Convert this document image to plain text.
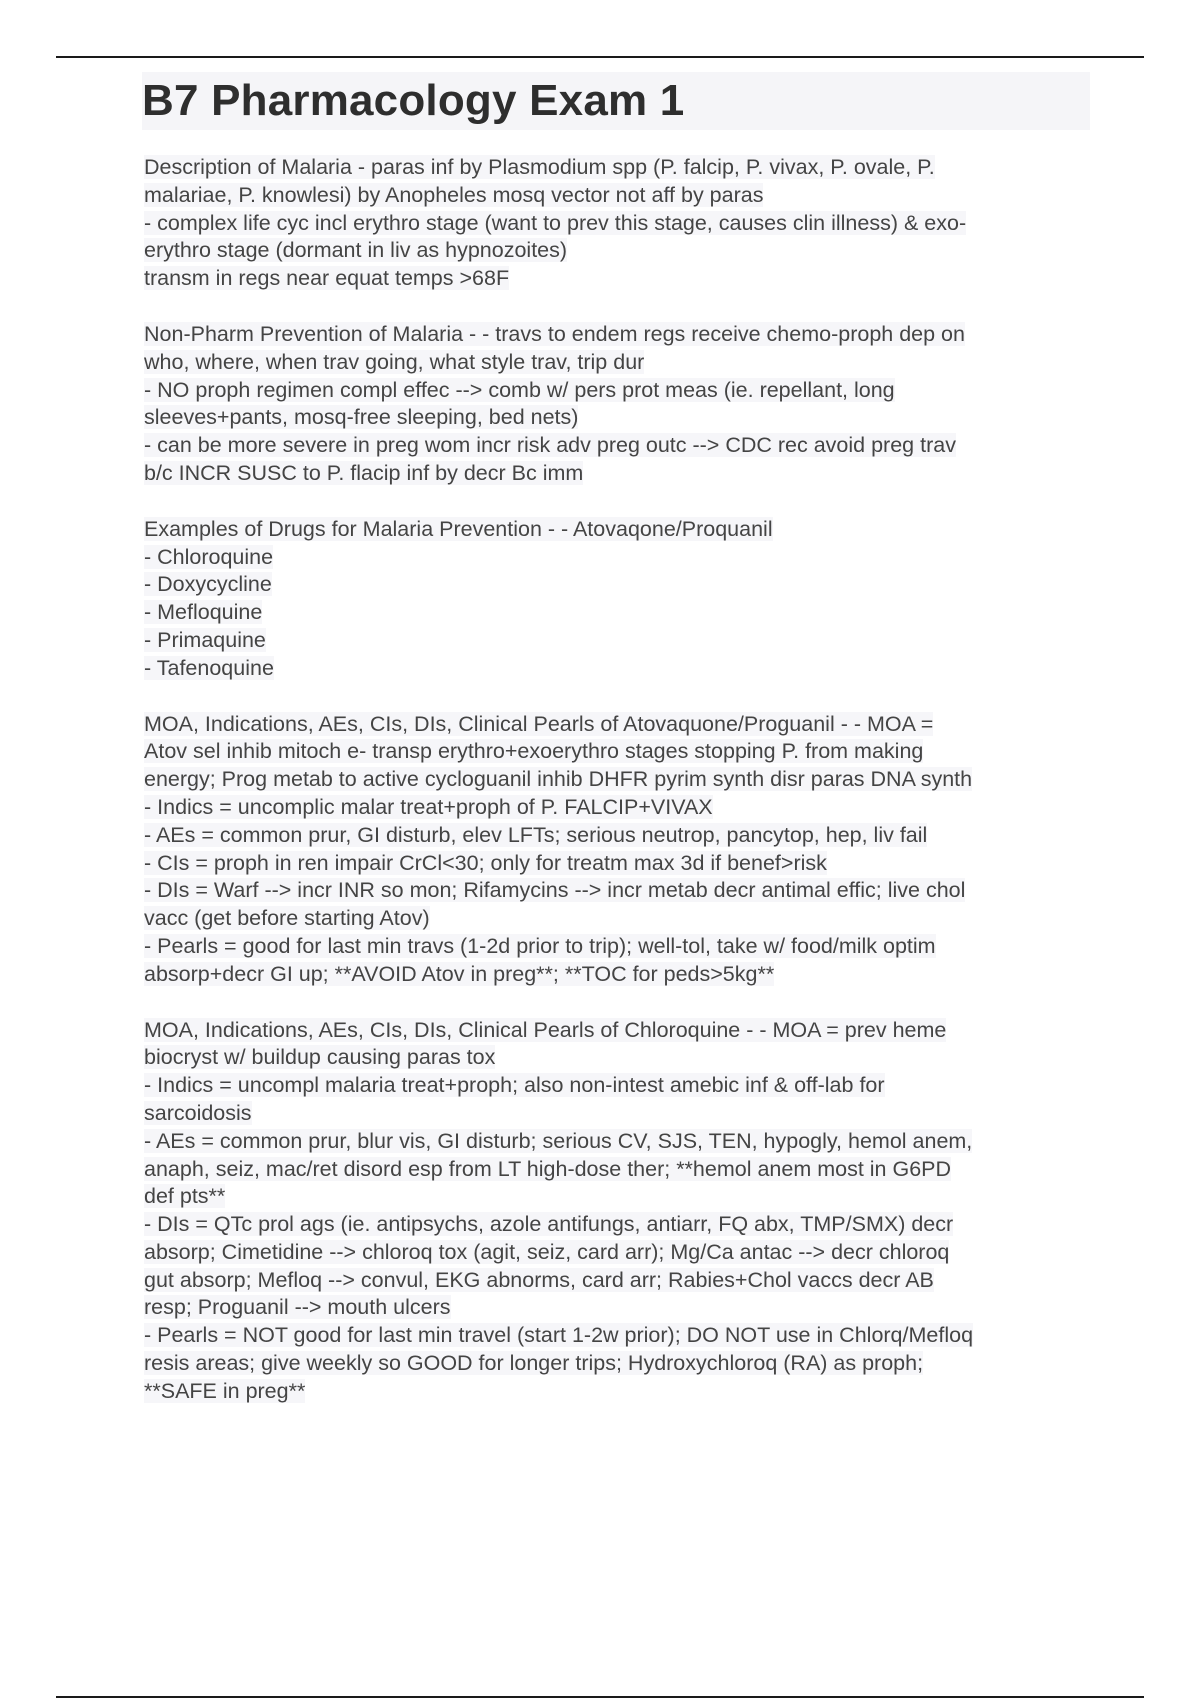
B7 Pharmacology Exam 1
Description of Malaria - paras inf by Plasmodium spp (P. falcip, P. vivax, P. ovale, P.
malariae, P. knowlesi) by Anopheles mosq vector not aff by paras
- complex life cyc incl erythro stage (want to prev this stage, causes clin illness) & exo-
erythro stage (dormant in liv as hypnozoites)
transm in regs near equat temps >68F
Non-Pharm Prevention of Malaria - - travs to endem regs receive chemo-proph dep on
who, where, when trav going, what style trav, trip dur
- NO proph regimen compl effec --> comb w/ pers prot meas (ie. repellant, long
sleeves+pants, mosq-free sleeping, bed nets)
- can be more severe in preg wom incr risk adv preg outc --> CDC rec avoid preg trav
b/c INCR SUSC to P. flacip inf by decr Bc imm
Examples of Drugs for Malaria Prevention - - Atovaqone/Proquanil
- Chloroquine
- Doxycycline
- Mefloquine
- Primaquine
- Tafenoquine
MOA, Indications, AEs, CIs, DIs, Clinical Pearls of Atovaquone/Proguanil - - MOA =
Atov sel inhib mitoch e- transp erythro+exoerythro stages stopping P. from making
energy; Prog metab to active cycloguanil inhib DHFR pyrim synth disr paras DNA synth
- Indics = uncomplic malar treat+proph of P. FALCIP+VIVAX
- AEs = common prur, GI disturb, elev LFTs; serious neutrop, pancytop, hep, liv fail
- CIs = proph in ren impair CrCl<30; only for treatm max 3d if benef>risk
- DIs = Warf --> incr INR so mon; Rifamycins --> incr metab decr antimal effic; live chol
vacc (get before starting Atov)
- Pearls = good for last min travs (1-2d prior to trip); well-tol, take w/ food/milk optim
absorp+decr GI up; **AVOID Atov in preg**; **TOC for peds>5kg**
MOA, Indications, AEs, CIs, DIs, Clinical Pearls of Chloroquine - - MOA = prev heme
biocryst w/ buildup causing paras tox
- Indics = uncompl malaria treat+proph; also non-intest amebic inf & off-lab for
sarcoidosis
- AEs = common prur, blur vis, GI disturb; serious CV, SJS, TEN, hypogly, hemol anem,
anaph, seiz, mac/ret disord esp from LT high-dose ther; **hemol anem most in G6PD
def pts**
- DIs = QTc prol ags (ie. antipsychs, azole antifungs, antiarr, FQ abx, TMP/SMX) decr
absorp; Cimetidine --> chloroq tox (agit, seiz, card arr); Mg/Ca antac --> decr chloroq
gut absorp; Mefloq --> convul, EKG abnorms, card arr; Rabies+Chol vaccs decr AB
resp; Proguanil --> mouth ulcers
- Pearls = NOT good for last min travel (start 1-2w prior); DO NOT use in Chlorq/Mefloq
resis areas; give weekly so GOOD for longer trips; Hydroxychloroq (RA) as proph;
**SAFE in preg**
